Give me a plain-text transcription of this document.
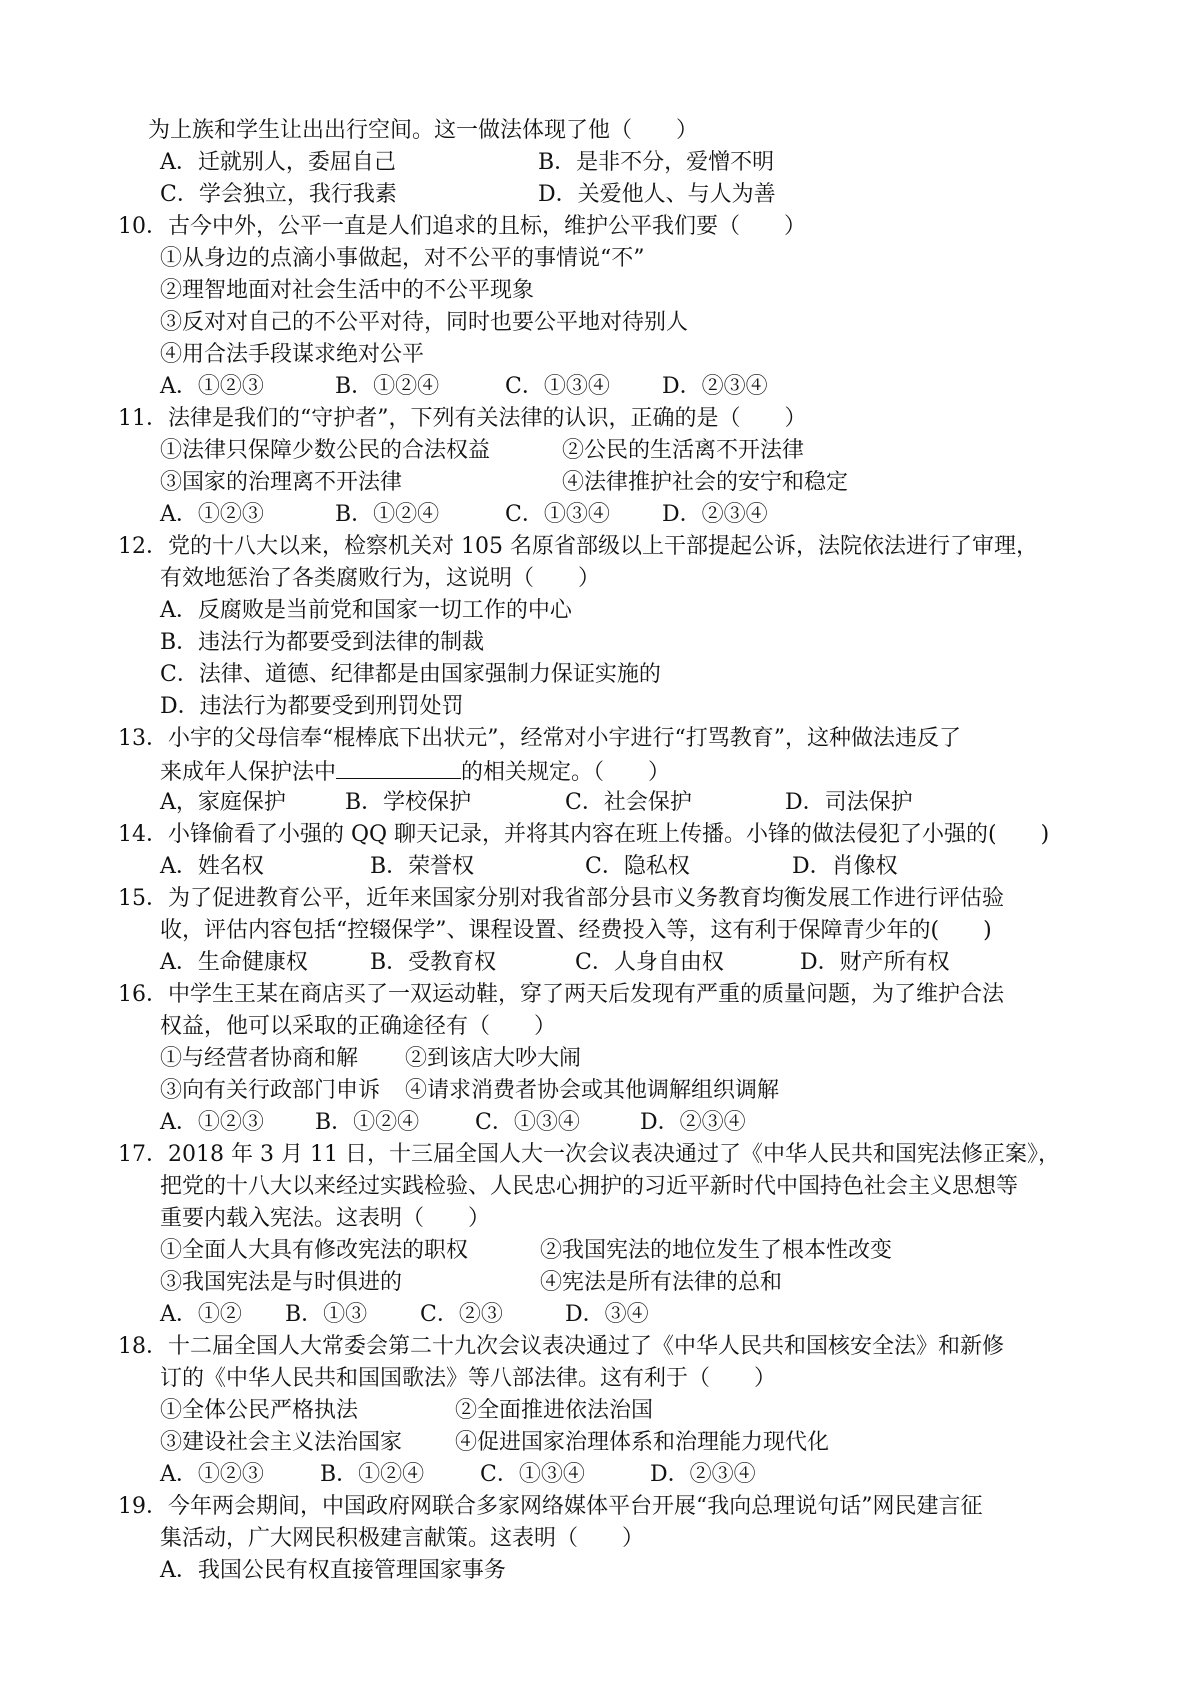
为上族和学生让出出行空间。这一做法体现了他（　　）
A．迁就别人，委屈自己	B．是非不分，爱憎不明
C．学会独立，我行我素	D．关爱他人、与人为善
10．古今中外，公平一直是人们追求的且标，维护公平我们要（　　）
①从身边的点滴小事做起，对不公平的事情说“不”
②理智地面对社会生活中的不公平现象
③反对对自己的不公平对待，同时也要公平地对待别人
④用合法手段谋求绝对公平
A．①②③	B．①②④	C．①③④ D．②③④
11．法律是我们的“守护者”，下列有关法律的认识，正确的是（　　）
①法律只保障少数公民的合法权益	②公民的生活离不开法律
③国家的治理离不开法律	④法律推护社会的安宁和稳定
A．①②③	B．①②④	C．①③④ D．②③④
12．党的十八大以来，检察机关对 105 名原省部级以上干部提起公诉，法院依法进行了审理，
有效地惩治了各类腐败行为，这说明（　　）
A．反腐败是当前党和国家一切工作的中心
B．违法行为都要受到法律的制裁
C．法律、道德、纪律都是由国家强制力保证实施的
D．违法行为都要受到刑罚处罚
13．小宇的父母信奉“棍棒底下出状元”，经常对小宇进行“打骂教育”，这种做法违反了
来成年人保护法中	的相关规定。（　　）
A，家庭保护	B．学校保护	C．社会保护	D．司法保护
14．小锋偷看了小强的 QQ 聊天记录，并将其内容在班上传播。小锋的做法侵犯了小强的(　　)
A．姓名权	B．荣誉权	C．隐私权	D．肖像权
15．为了促进教育公平，近年来国家分别对我省部分县市义务教育均衡发展工作进行评估验
收，评估内容包括“控辍保学”、课程设置、经费投入等，这有利于保障青少年的(　　)
A．生命健康权	B．受教育权	C．人身自由权	D．财产所有权
16．中学生王某在商店买了一双运动鞋，穿了两天后发现有严重的质量问题，为了维护合法
权益，他可以采取的正确途径有（　　）
①与经营者协商和解 ②到该店大吵大闹
③向有关行政部门申诉 ④请求消费者协会或其他调解组织调解
A．①②③ B．①②④	C．①③④	D．②③④
17．2018 年 3 月 11 日，十三届全国人大一次会议表决通过了《中华人民共和国宪法修正案》，
把党的十八大以来经过实践检验、人民忠心拥护的习近平新时代中国持色社会主义思想等
重要内载入宪法。这表明（　　）
①全面人大具有修改宪法的职权	②我国宪法的地位发生了根本性改变
③我国宪法是与时俱进的	④宪法是所有法律的总和
A．①② B．①③ C．②③	D．③④
18．十二届全国人大常委会第二十九次会议表决通过了《中华人民共和国核安全法》和新修
订的《中华人民共和国国歌法》等八部法律。这有利于（　　）
①全体公民严格执法	②全面推进依法治国
③建设社会主义法治国家 ④促进国家治理体系和治理能力现代化
A．①②③	B．①②④	C．①③④	D．②③④
19．今年两会期间，中国政府网联合多家网络媒体平台开展“我向总理说句话”网民建言征
集活动，广大网民积极建言献策。这表明（　　）
A．我国公民有权直接管理国家事务
